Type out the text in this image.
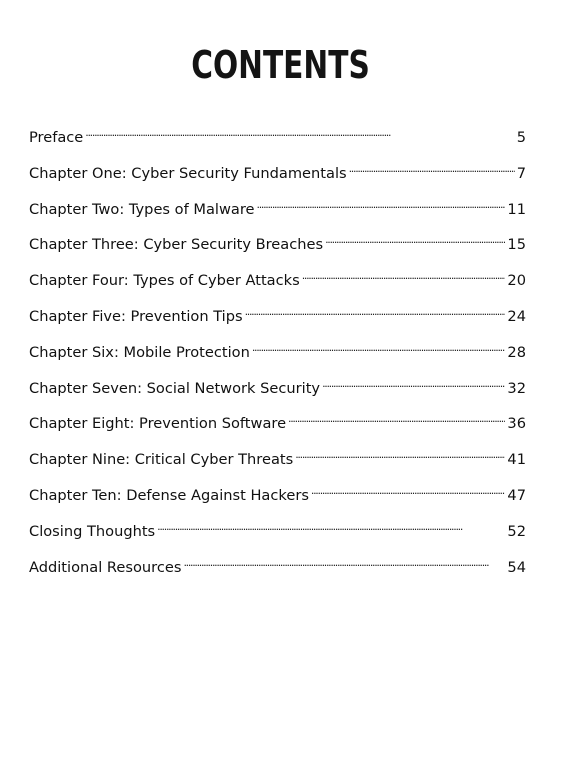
CONTENTS
Preface . . .	5
Chapter One: Cyber Security Fundamentals . . .	7
Chapter Two: Types of Malware . . .	11
Chapter Three: Cyber Security Breaches . . .	15
Chapter Four: Types of Cyber Attacks . . .	20
Chapter Five: Prevention Tips . . .	24
Chapter Six: Mobile Protection . . .	28
Chapter Seven: Social Network Security . . .	32
Chapter Eight: Prevention Software . . .	36
Chapter Nine: Critical Cyber Threats . . .	41
Chapter Ten: Defense Against Hackers . . .	47
Closing Thoughts . . .	52
Additional Resources . . .	54
